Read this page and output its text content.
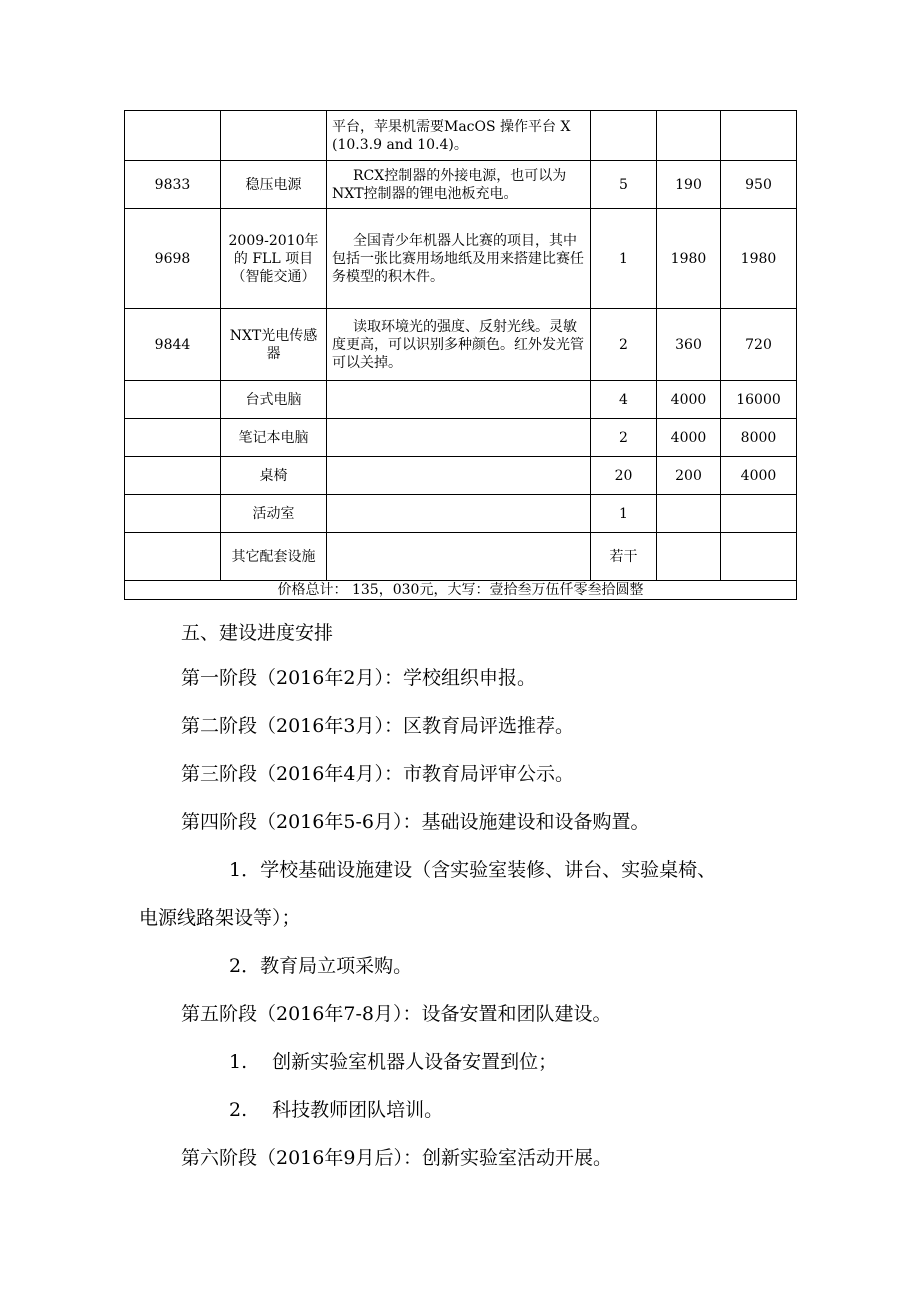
		平台，苹果机需要MacOS 操作平台 X (10.3.9 and 10.4)。			
9833	稳压电源	RCX控制器的外接电源，也可以为NXT控制器的锂电池板充电。	5	190	950
9698	2009-2010年的 FLL 项目（智能交通）	全国青少年机器人比赛的项目，其中包括一张比赛用场地纸及用来搭建比赛任务模型的积木件。	1	1980	1980
9844	NXT光电传感器	读取环境光的强度、反射光线。灵敏度更高，可以识别多种颜色。红外发光管可以关掉。	2	360	720
	台式电脑		4	4000	16000
	笔记本电脑		2	4000	8000
	桌椅		20	200	4000
	活动室		1		
	其它配套设施		若干		
价格总计： 135，030元，大写：壹拾叁万伍仟零叁拾圆整					
五、建设进度安排
第一阶段（2016年2月）：学校组织申报。
第二阶段（2016年3月）：区教育局评选推荐。
第三阶段（2016年4月）：市教育局评审公示。
第四阶段（2016年5-6月）：基础设施建设和设备购置。
1．学校基础设施建设（含实验室装修、讲台、实验桌椅、
电源线路架设等）；
2．教育局立项采购。
第五阶段（2016年7-8月）：设备安置和团队建设。
1.　 创新实验室机器人设备安置到位；
2.　 科技教师团队培训。
第六阶段（2016年9月后）：创新实验室活动开展。
